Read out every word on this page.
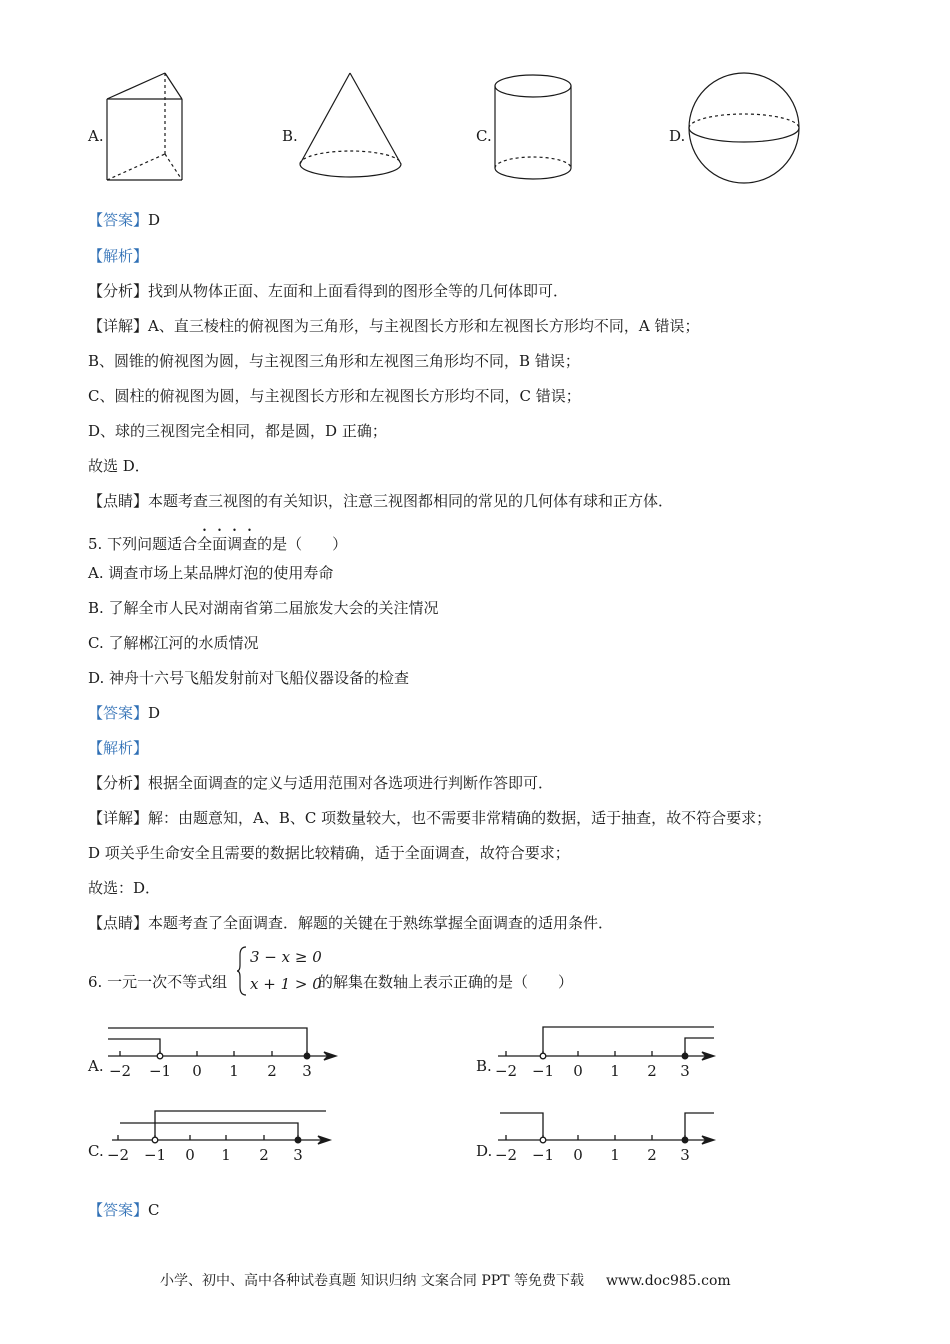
A.	B.	C.	D.
【答案】D
【解析】
【分析】找到从物体正面、左面和上面看得到的图形全等的几何体即可．
【详解】A、直三棱柱的俯视图为三角形，与主视图长方形和左视图长方形均不同，A 错误；
B、圆锥的俯视图为圆，与主视图三角形和左视图三角形均不同，B 错误；
C、圆柱的俯视图为圆，与主视图长方形和左视图长方形均不同，C 错误；
D、球的三视图完全相同，都是圆，D 正确；
故选 D．
【点睛】本题考查三视图的有关知识，注意三视图都相同的常见的几何体有球和正方体．
5. 下列问题适合全面调查的是（　　）
A. 调查市场上某品牌灯泡的使用寿命
B. 了解全市人民对湖南省第二届旅发大会的关注情况
C. 了解郴江河的水质情况
D. 神舟十六号飞船发射前对飞船仪器设备的检查
【答案】D
【解析】
【分析】根据全面调查的定义与适用范围对各选项进行判断作答即可．
【详解】解：由题意知，A、B、C 项数量较大，也不需要非常精确的数据，适于抽查，故不符合要求；
D 项关乎生命安全且需要的数据比较精确，适于全面调查，故符合要求；
故选：D．
【点睛】本题考查了全面调查．解题的关键在于熟练掌握全面调查的适用条件．
6. 一元一次不等式组
3 − x ≥ 0
x + 1 > 0
的解集在数轴上表示正确的是（　　）
A. −2 −1 0 1 2 3	B. −2 −1 0 1 2 3
C. −2 −1 0 1 2 3	D. −2 −1 0 1 2 3
【答案】C
小学、初中、高中各种试卷真题 知识归纳 文案合同 PPT 等免费下载 www.doc985.com
